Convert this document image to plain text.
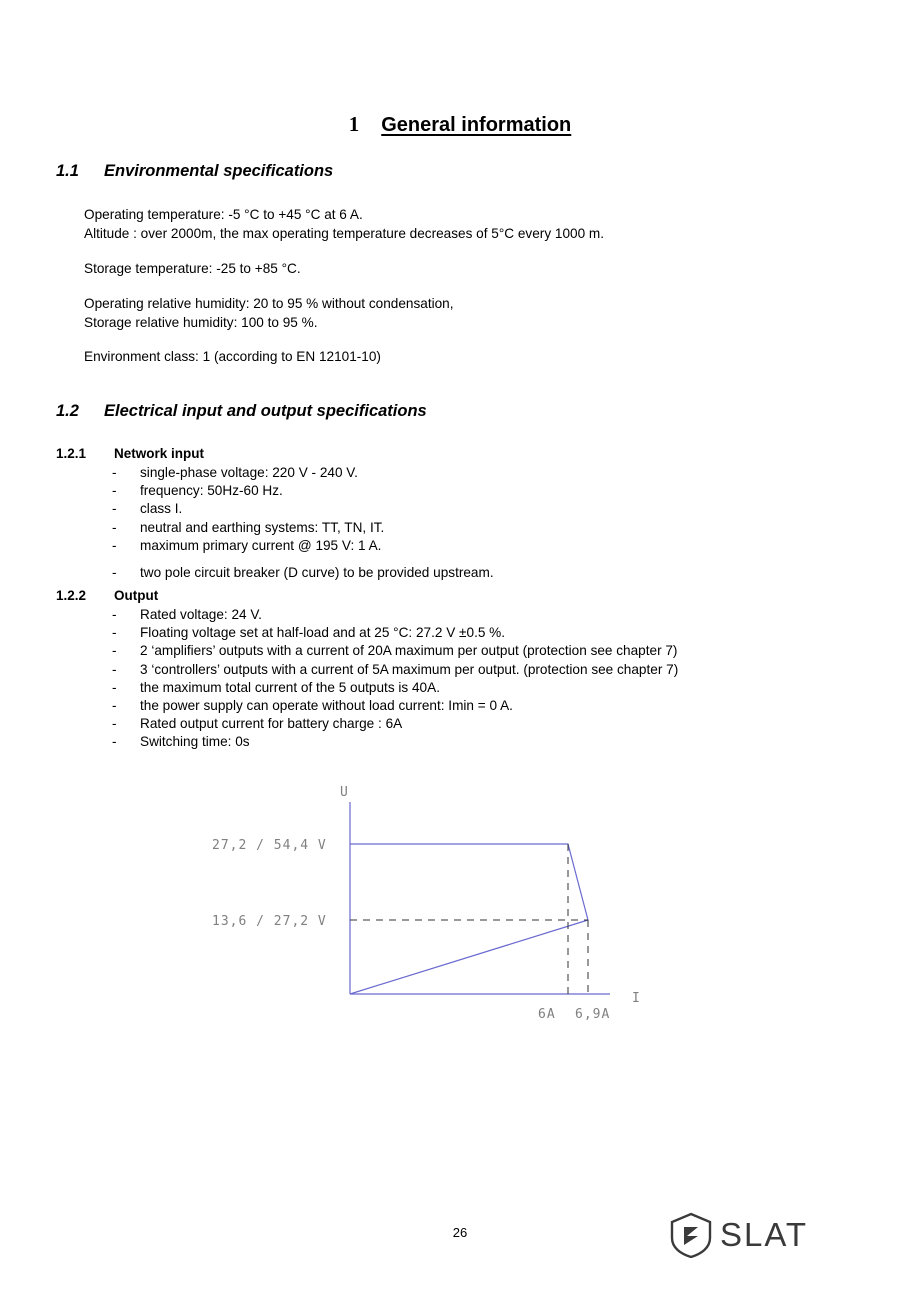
1 General information
1.1 Environmental specifications
Operating temperature: -5 °C to +45 °C at 6 A.
Altitude : over 2000m, the max operating temperature decreases of 5°C every 1000 m.
Storage temperature: -25 to +85 °C.
Operating relative humidity: 20 to 95 % without condensation,
Storage relative humidity: 100 to 95 %.
Environment class: 1 (according to EN 12101-10)
1.2 Electrical input and output specifications
1.2.1 Network input
- single-phase voltage: 220 V - 240 V.
- frequency: 50Hz-60 Hz.
- class I.
- neutral and earthing systems: TT, TN, IT.
- maximum primary current @ 195 V: 1 A.
- two pole circuit breaker (D curve) to be provided upstream.
1.2.2 Output
- Rated voltage: 24 V.
- Floating voltage set at half-load and at 25 °C: 27.2 V ±0.5 %.
- 2 ‘amplifiers’ outputs with a current of 20A maximum per output (protection see chapter 7)
- 3 ‘controllers’ outputs with a current of 5A maximum per output. (protection see chapter 7)
- the maximum total current of the 5 outputs is 40A.
- the power supply can operate without load current: Imin = 0 A.
- Rated output current for battery charge : 6A
- Switching time: 0s
U
I
27,2 / 54,4 V
13,6 / 27,2 V
6A 6,9A
26	SLAT
